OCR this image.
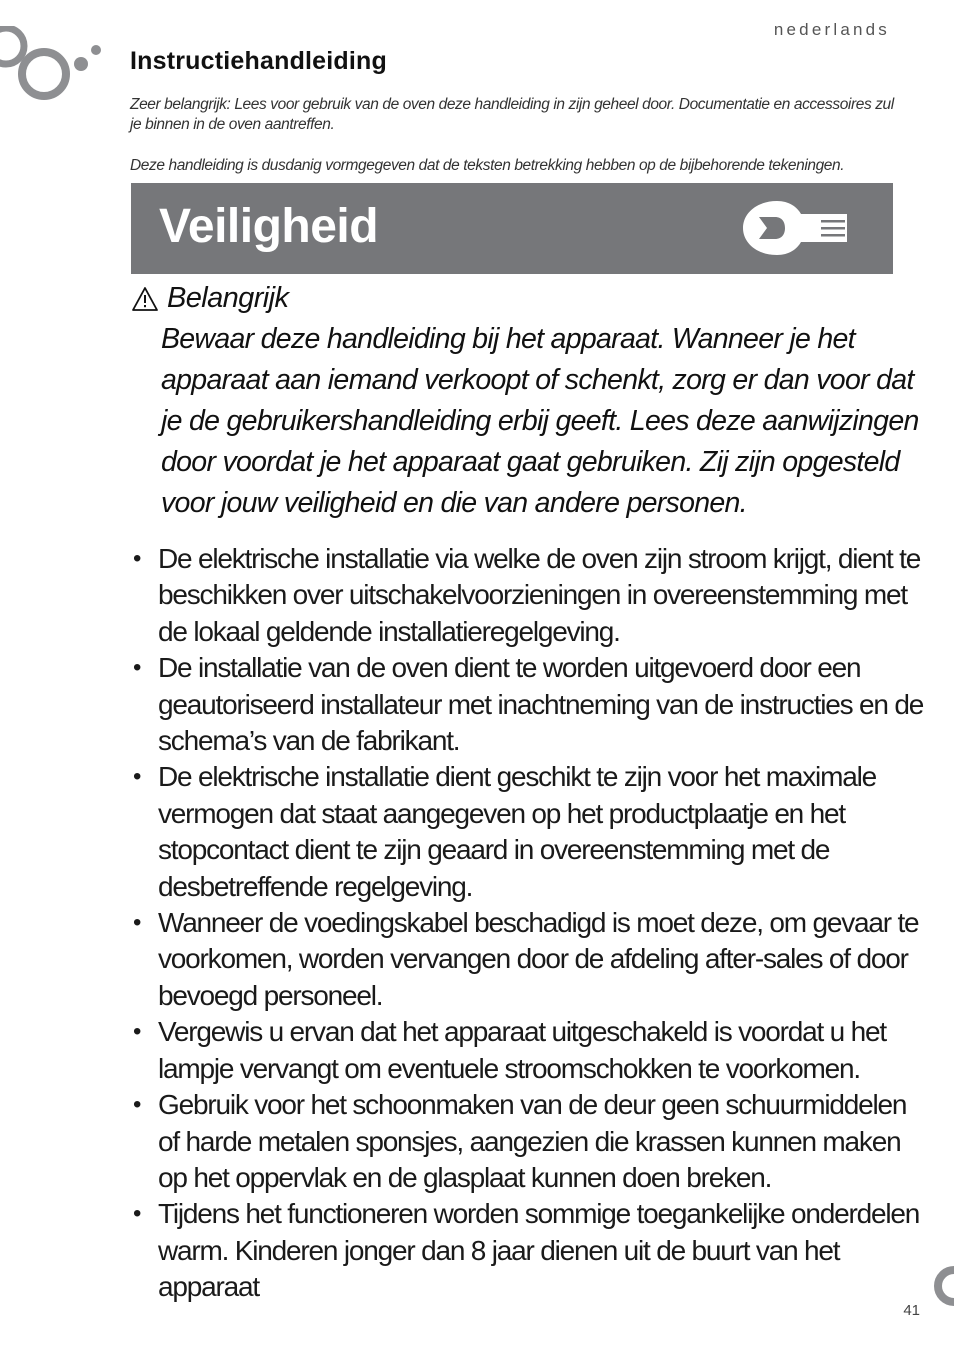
nederlands
Instructiehandleiding

Zeer belangrijk: Lees voor gebruik van de oven deze handleiding in zijn geheel door. Documentatie en accessoires zul je binnen in de oven aantreffen.

Deze handleiding is dusdanig vormgegeven dat de teksten betrekking hebben op de bijbehorende tekeningen.

Veiligheid
Belangrijk

Bewaar deze handleiding bij het apparaat. Wanneer je het apparaat aan iemand verkoopt of schenkt, zorg er dan voor dat je de gebruikershandleiding erbij geeft. Lees deze aanwijzingen door voordat je het apparaat gaat gebruiken. Zij zijn opgesteld voor jouw veiligheid en die van andere personen.

• De elektrische installatie via welke de oven zijn stroom krijgt, dient te beschikken over uitschakelvoorzieningen in overeenstemming met de lokaal geldende installatieregelgeving.
• De installatie van de oven dient te worden uitgevoerd door een geautoriseerd installateur met inachtneming van de instructies en de schema’s van de fabrikant.
• De elektrische installatie dient geschikt te zijn voor het maximale vermogen dat staat aangegeven op het productplaatje en het stopcontact dient te zijn geaard in overeenstemming met de desbetreffende regelgeving.
• Wanneer de voedingskabel beschadigd is moet deze, om gevaar te voorkomen, worden vervangen door de afdeling after-sales of door bevoegd personeel.
• Vergewis u ervan dat het apparaat uitgeschakeld is voordat u het lampje vervangt om eventuele stroomschokken te voorkomen.
• Gebruik voor het schoonmaken van de deur geen schuurmiddelen of harde metalen sponsjes, aangezien die krassen kunnen maken op het oppervlak en de glasplaat kunnen doen breken.
• Tijdens het functioneren worden sommige toegankelijke onderdelen warm. Kinderen jonger dan 8 jaar dienen uit de buurt van het apparaat
41
